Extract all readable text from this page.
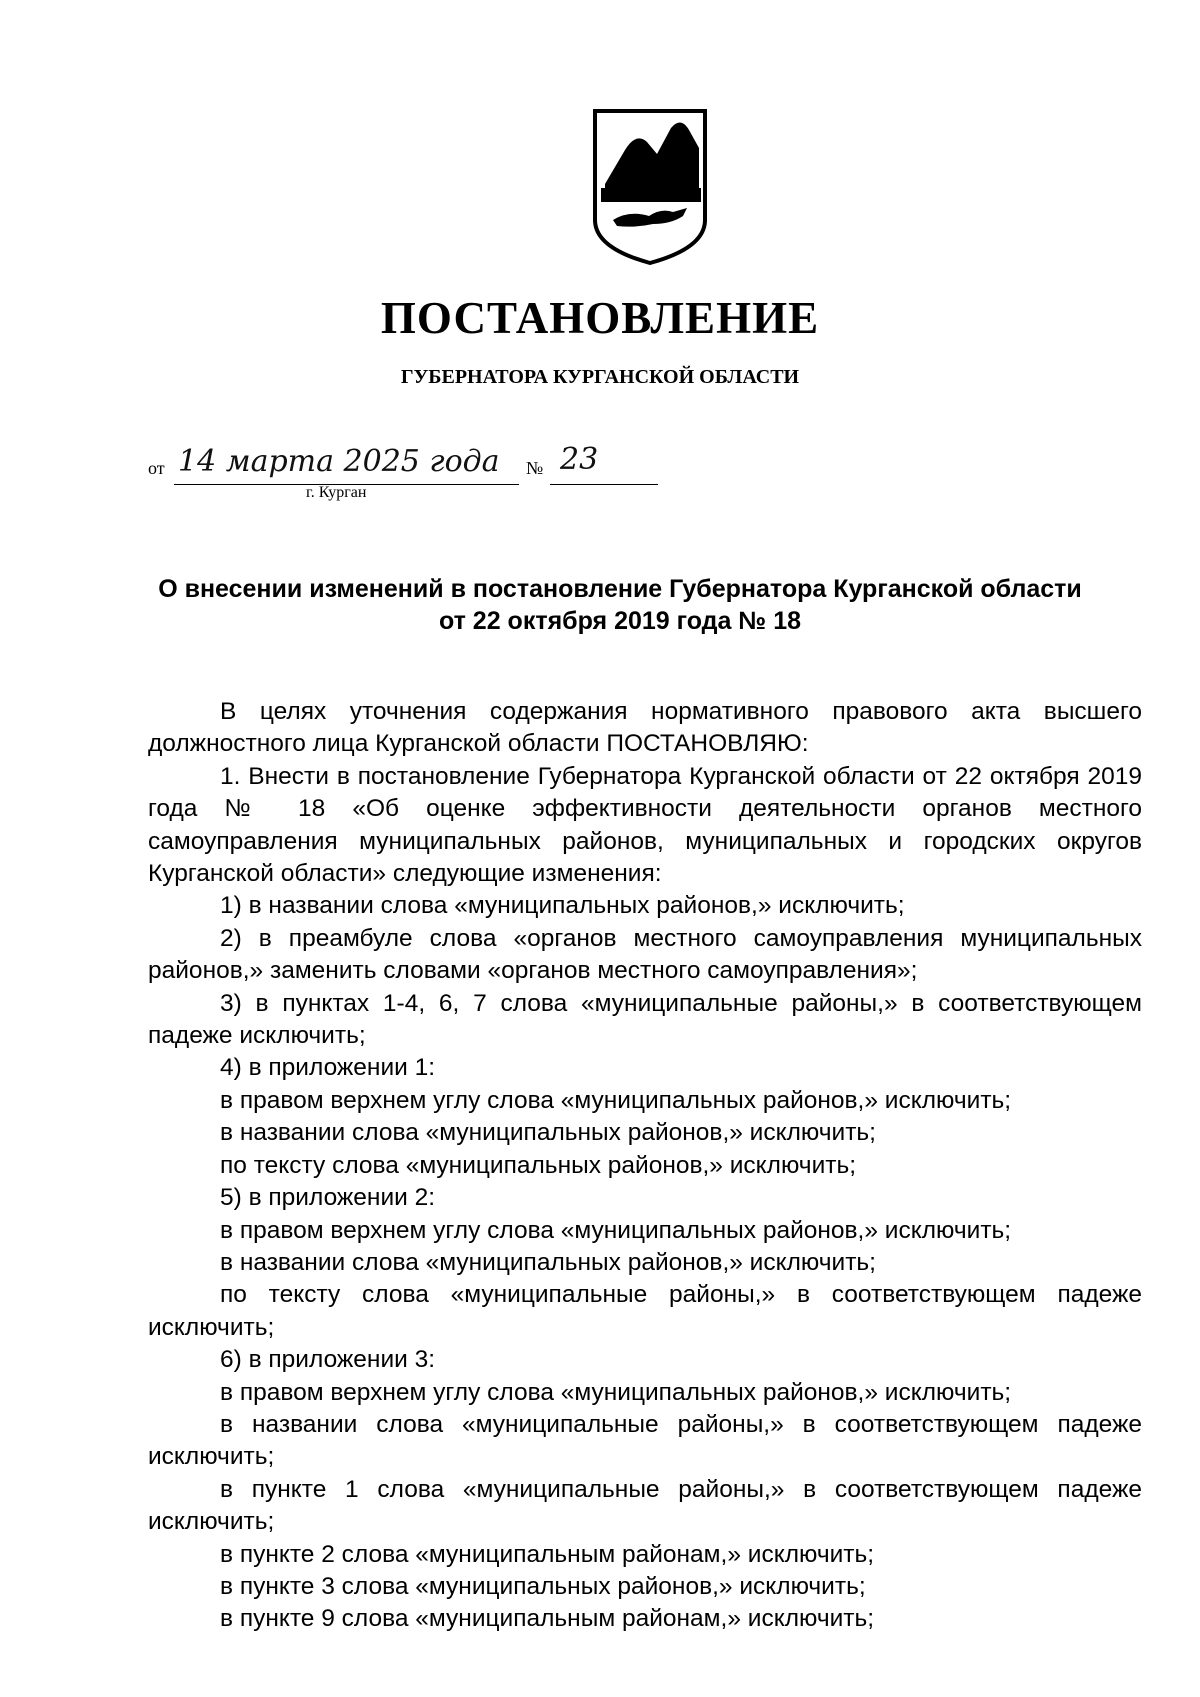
ПОСТАНОВЛЕНИЕ
ГУБЕРНАТОРА КУРГАНСКОЙ ОБЛАСТИ
от 14 марта 2025 года № 23
г. Курган
О внесении изменений в постановление Губернатора Курганской области
от 22 октября 2019 года № 18

В целях уточнения содержания нормативного правового акта высшего должностного лица Курганской области ПОСТАНОВЛЯЮ:

1. Внести в постановление Губернатора Курганской области от 22 октября 2019 года № 18 «Об оценке эффективности деятельности органов местного самоуправления муниципальных районов, муниципальных и городских округов Курганской области» следующие изменения:

1) в названии слова «муниципальных районов,» исключить;

2) в преамбуле слова «органов местного самоуправления муниципальных районов,» заменить словами «органов местного самоуправления»;

3) в пунктах 1-4, 6, 7 слова «муниципальные районы,» в соответствующем падеже исключить;

4) в приложении 1:

в правом верхнем углу слова «муниципальных районов,» исключить;

в названии слова «муниципальных районов,» исключить;

по тексту слова «муниципальных районов,» исключить;

5) в приложении 2:

в правом верхнем углу слова «муниципальных районов,» исключить;

в названии слова «муниципальных районов,» исключить;

по тексту слова «муниципальные районы,» в соответствующем падеже исключить;

6) в приложении 3:

в правом верхнем углу слова «муниципальных районов,» исключить;

в названии слова «муниципальные районы,» в соответствующем падеже исключить;

в пункте 1 слова «муниципальные районы,» в соответствующем падеже исключить;

в пункте 2 слова «муниципальным районам,» исключить;

в пункте 3 слова «муниципальных районов,» исключить;

в пункте 9 слова «муниципальным районам,» исключить;
